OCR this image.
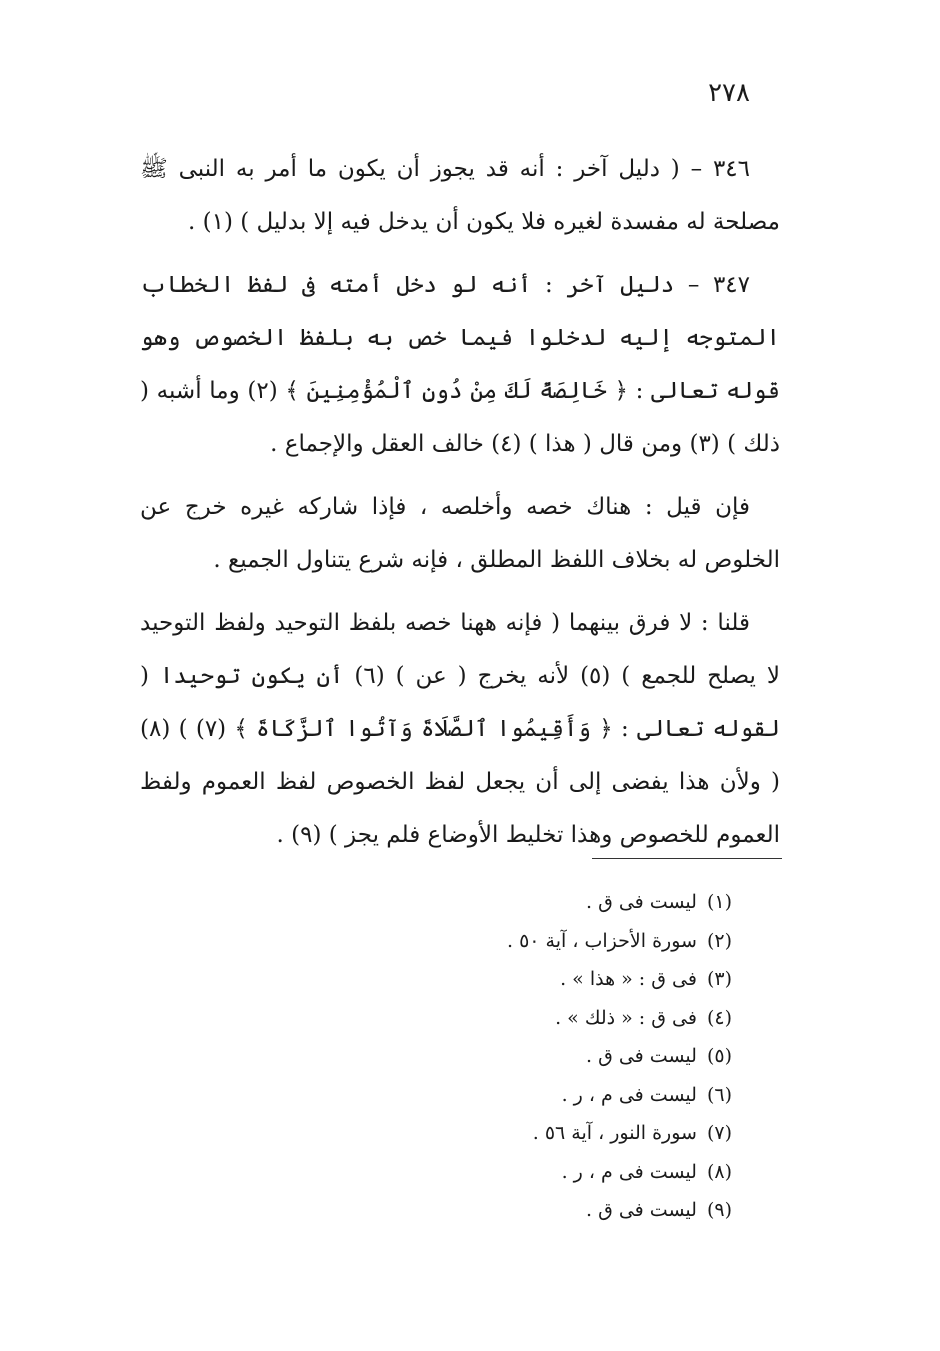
٢٧٨

٣٤٦ – ( دليل آخر : أنه قد يجوز أن يكون ما أمر به النبى ﷺ مصلحة له مفسدة لغيره فلا يكون أن يدخل فيه إلا بدليل ) (١) .

٣٤٧ – دليل آخر : أنه لو دخل أمته فى لفظ الخطاب المتوجه إليه لدخلوا فيما خص به بلفظ الخصوص وهو قوله تعالى : ﴿ خَالِصَةً لَكَ مِنْ دُونِ ٱلْمُؤْمِنِينَ ﴾ (٢) وما أشبه ( ذلك ) (٣) ومن قال ( هذا ) (٤) خالف العقل والإجماع .

فإن قيل : هناك خصه وأخلصه ، فإذا شاركه غيره خرج عن الخلوص له بخلاف اللفظ المطلق ، فإنه شرع يتناول الجميع .

قلنا : لا فرق بينهما ( فإنه ههنا خصه بلفظ التوحيد ولفظ التوحيد لا يصلح للجمع ) (٥) لأنه يخرج ( عن ) (٦) أن يكون توحيدا ( لقوله تعالى : ﴿ وَأَقِيمُوا ٱلصَّلَاةَ وَآتُوا ٱلزَّكَاةَ ﴾ (٧) ) (٨) ( ولأن هذا يفضى إلى أن يجعل لفظ الخصوص لفظ العموم ولفظ العموم للخصوص وهذا تخليط الأوضاع فلم يجز ) (٩) .

(١)ليست فى ق .
(٢)سورة الأحزاب ، آية ٥٠ .
(٣)فى ق : « هذا » .
(٤)فى ق : « ذلك » .
(٥)ليست فى ق .
(٦)ليست فى م ، ر .
(٧)سورة النور ، آية ٥٦ .
(٨)ليست فى م ، ر .
(٩)ليست فى ق .
